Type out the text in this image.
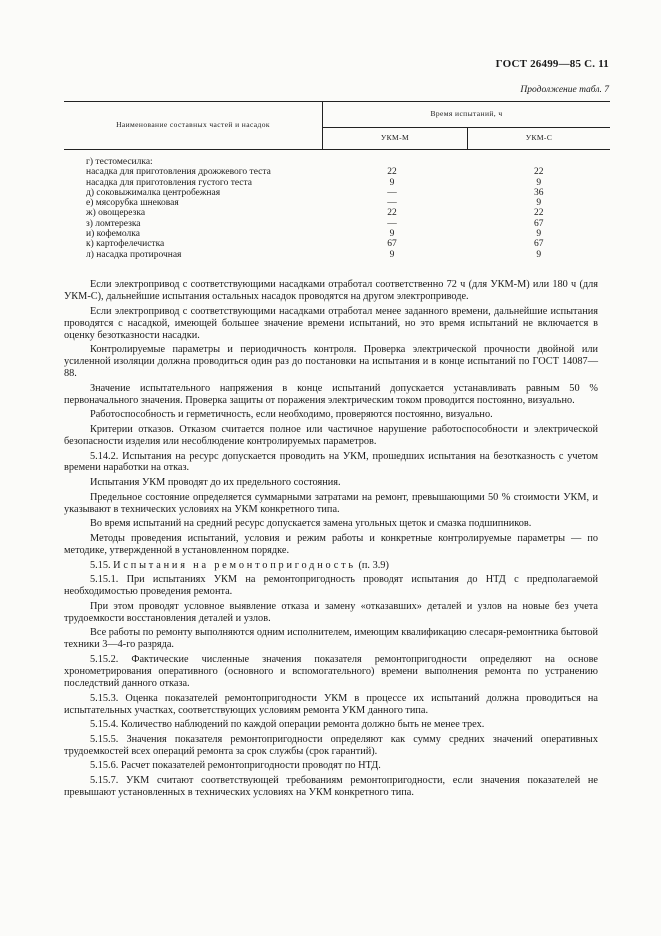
ГОСТ 26499—85 С. 11
Продолжение табл. 7
Наименование составных частей и насадок	Время испытаний, ч	
	УКМ-М	УКМ-С
г) тестомесилка:		
насадка для приготовления дрожжевого теста	22	22
насадка для приготовления густого теста	9	9
д) соковыжималка центробежная	—	36
е) мясорубка шнековая	—	9
ж) овощерезка	22	22
з) ломтерезка	—	67
и) кофемолка	9	9
к) картофелечистка	67	67
л) насадка протирочная	9	9

Если электропривод с соответствующими насадками отработал соответственно 72 ч (для УКМ-М) или 180 ч (для УКМ-С), дальнейшие испытания остальных насадок проводятся на другом электроприводе.

Если электропривод с соответствующими насадками отработал менее заданного времени, дальнейшие испытания проводятся с насадкой, имеющей большее значение времени испытаний, но это время испытаний не включается в оценку безотказности насадки.

Контролируемые параметры и периодичность контроля. Проверка электрической прочности двойной или усиленной изоляции должна проводиться один раз до постановки на испытания и в конце испытаний по ГОСТ 14087—88.

Значение испытательного напряжения в конце испытаний допускается устанавливать равным 50 % первоначального значения. Проверка защиты от поражения электрическим током проводится постоянно, визуально.

Работоспособность и герметичность, если необходимо, проверяются постоянно, визуально.

Критерии отказов. Отказом считается полное или частичное нарушение работоспособности и электрической безопасности изделия или несоблюдение контролируемых параметров.

5.14.2. Испытания на ресурс допускается проводить на УКМ, прошедших испытания на безотказность с учетом времени наработки на отказ.

Испытания УКМ проводят до их предельного состояния.

Предельное состояние определяется суммарными затратами на ремонт, превышающими 50 % стоимости УКМ, и указывают в технических условиях на УКМ конкретного типа.

Во время испытаний на средний ресурс допускается замена угольных щеток и смазка подшипников.

Методы проведения испытаний, условия и режим работы и конкретные контролируемые параметры — по методике, утвержденной в установленном порядке.

5.15. Испытания на ремонтопригодность (п. 3.9)

5.15.1. При испытаниях УКМ на ремонтопригодность проводят испытания до НТД с предполагаемой необходимостью проведения ремонта.

При этом проводят условное выявление отказа и замену «отказавших» деталей и узлов на новые без учета трудоемкости восстановления деталей и узлов.

Все работы по ремонту выполняются одним исполнителем, имеющим квалификацию слесаря-ремонтника бытовой техники 3—4-го разряда.

5.15.2. Фактические численные значения показателя ремонтопригодности определяют на основе хронометрирования оперативного (основного и вспомогательного) времени выполнения ремонта по устранению последствий данного отказа.

5.15.3. Оценка показателей ремонтопригодности УКМ в процессе их испытаний должна проводиться на испытательных участках, соответствующих условиям ремонта УКМ данного типа.

5.15.4. Количество наблюдений по каждой операции ремонта должно быть не менее трех.

5.15.5. Значения показателя ремонтопригодности определяют как сумму средних значений оперативных трудоемкостей всех операций ремонта за срок службы (срок гарантий).

5.15.6. Расчет показателей ремонтопригодности проводят по НТД.

5.15.7. УКМ считают соответствующей требованиям ремонтопригодности, если значения показателей не превышают установленных в технических условиях на УКМ конкретного типа.
